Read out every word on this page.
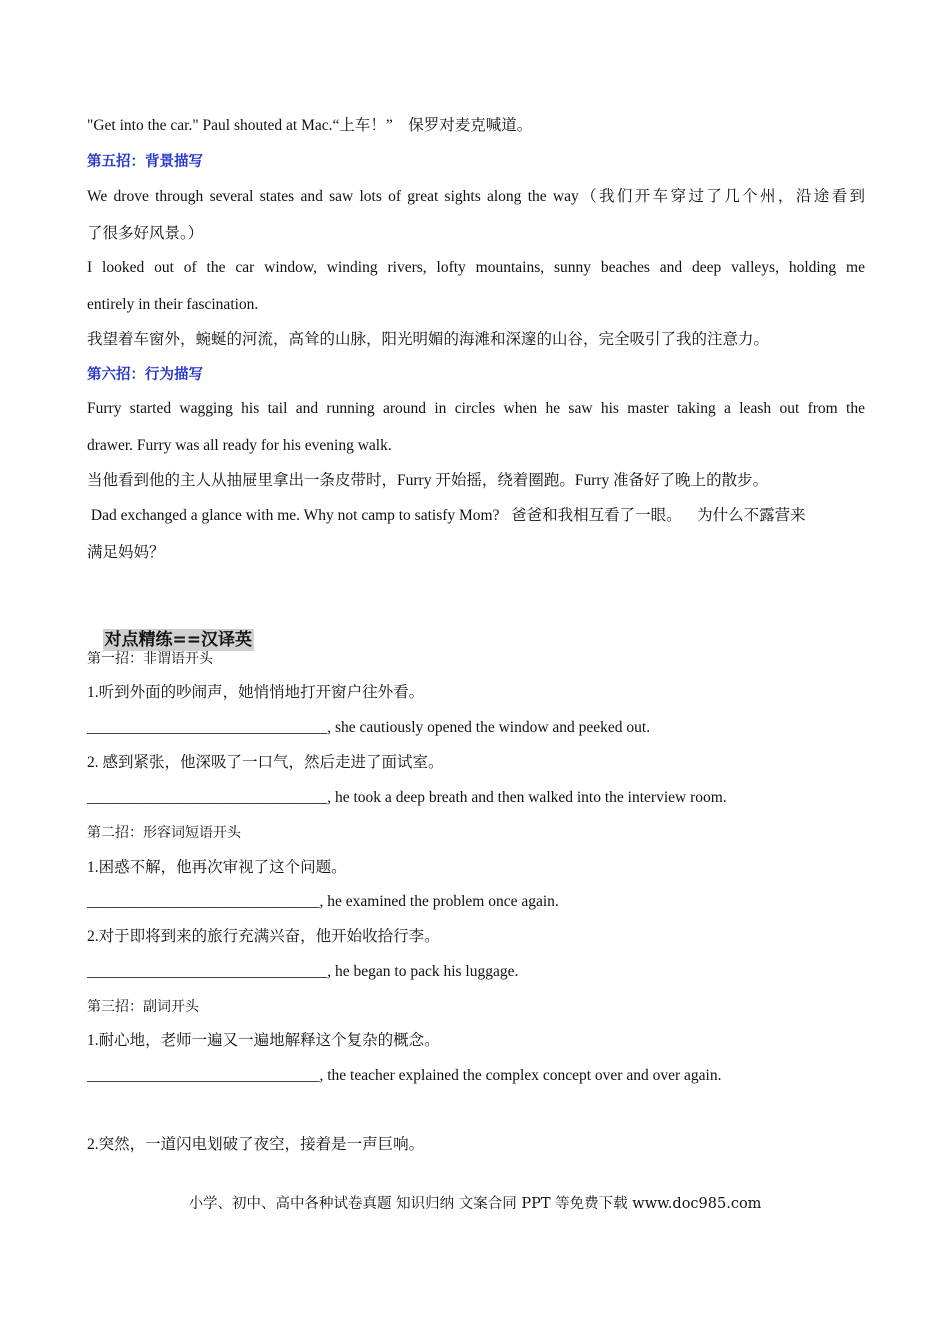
"Get into the car." Paul shouted at Mac.“上车！”    保罗对麦克喊道。
第五招：背景描写
We drove through several states and saw lots of great sights along the way（我们开车穿过了几个州，沿途看到
了很多好风景。）
I looked out of the car window, winding rivers, lofty mountains, sunny beaches and deep valleys, holding me
entirely in their fascination.
我望着车窗外，蜿蜒的河流，高耸的山脉，阳光明媚的海滩和深邃的山谷，完全吸引了我的注意力。
第六招：行为描写
Furry started wagging his tail and running around in circles when he saw his master taking a leash out from the
drawer. Furry was all ready for his evening walk.
当他看到他的主人从抽屉里拿出一条皮带时，Furry 开始摇，绕着圈跑。Furry 准备好了晚上的散步。
Dad exchanged a glance with me. Why not camp to satisfy Mom?   爸爸和我相互看了一眼。    为什么不露营来
满足妈妈？

对点精练==汉译英

第一招：非谓语开头
1.听到外面的吵闹声，她悄悄地打开窗户往外看。
_______________________________, she cautiously opened the window and peeked out.
2. 感到紧张，他深吸了一口气，然后走进了面试室。
_______________________________, he took a deep breath and then walked into the interview room.
第二招：形容词短语开头
1.困惑不解，他再次审视了这个问题。
______________________________, he examined the problem once again.
2.对于即将到来的旅行充满兴奋，他开始收拾行李。
_______________________________, he began to pack his luggage.
第三招：副词开头
1.耐心地，老师一遍又一遍地解释这个复杂的概念。
______________________________, the teacher explained the complex concept over and over again.
2.突然，一道闪电划破了夜空，接着是一声巨响。
小学、初中、高中各种试卷真题 知识归纳 文案合同 PPT 等免费下载 www.doc985.com
